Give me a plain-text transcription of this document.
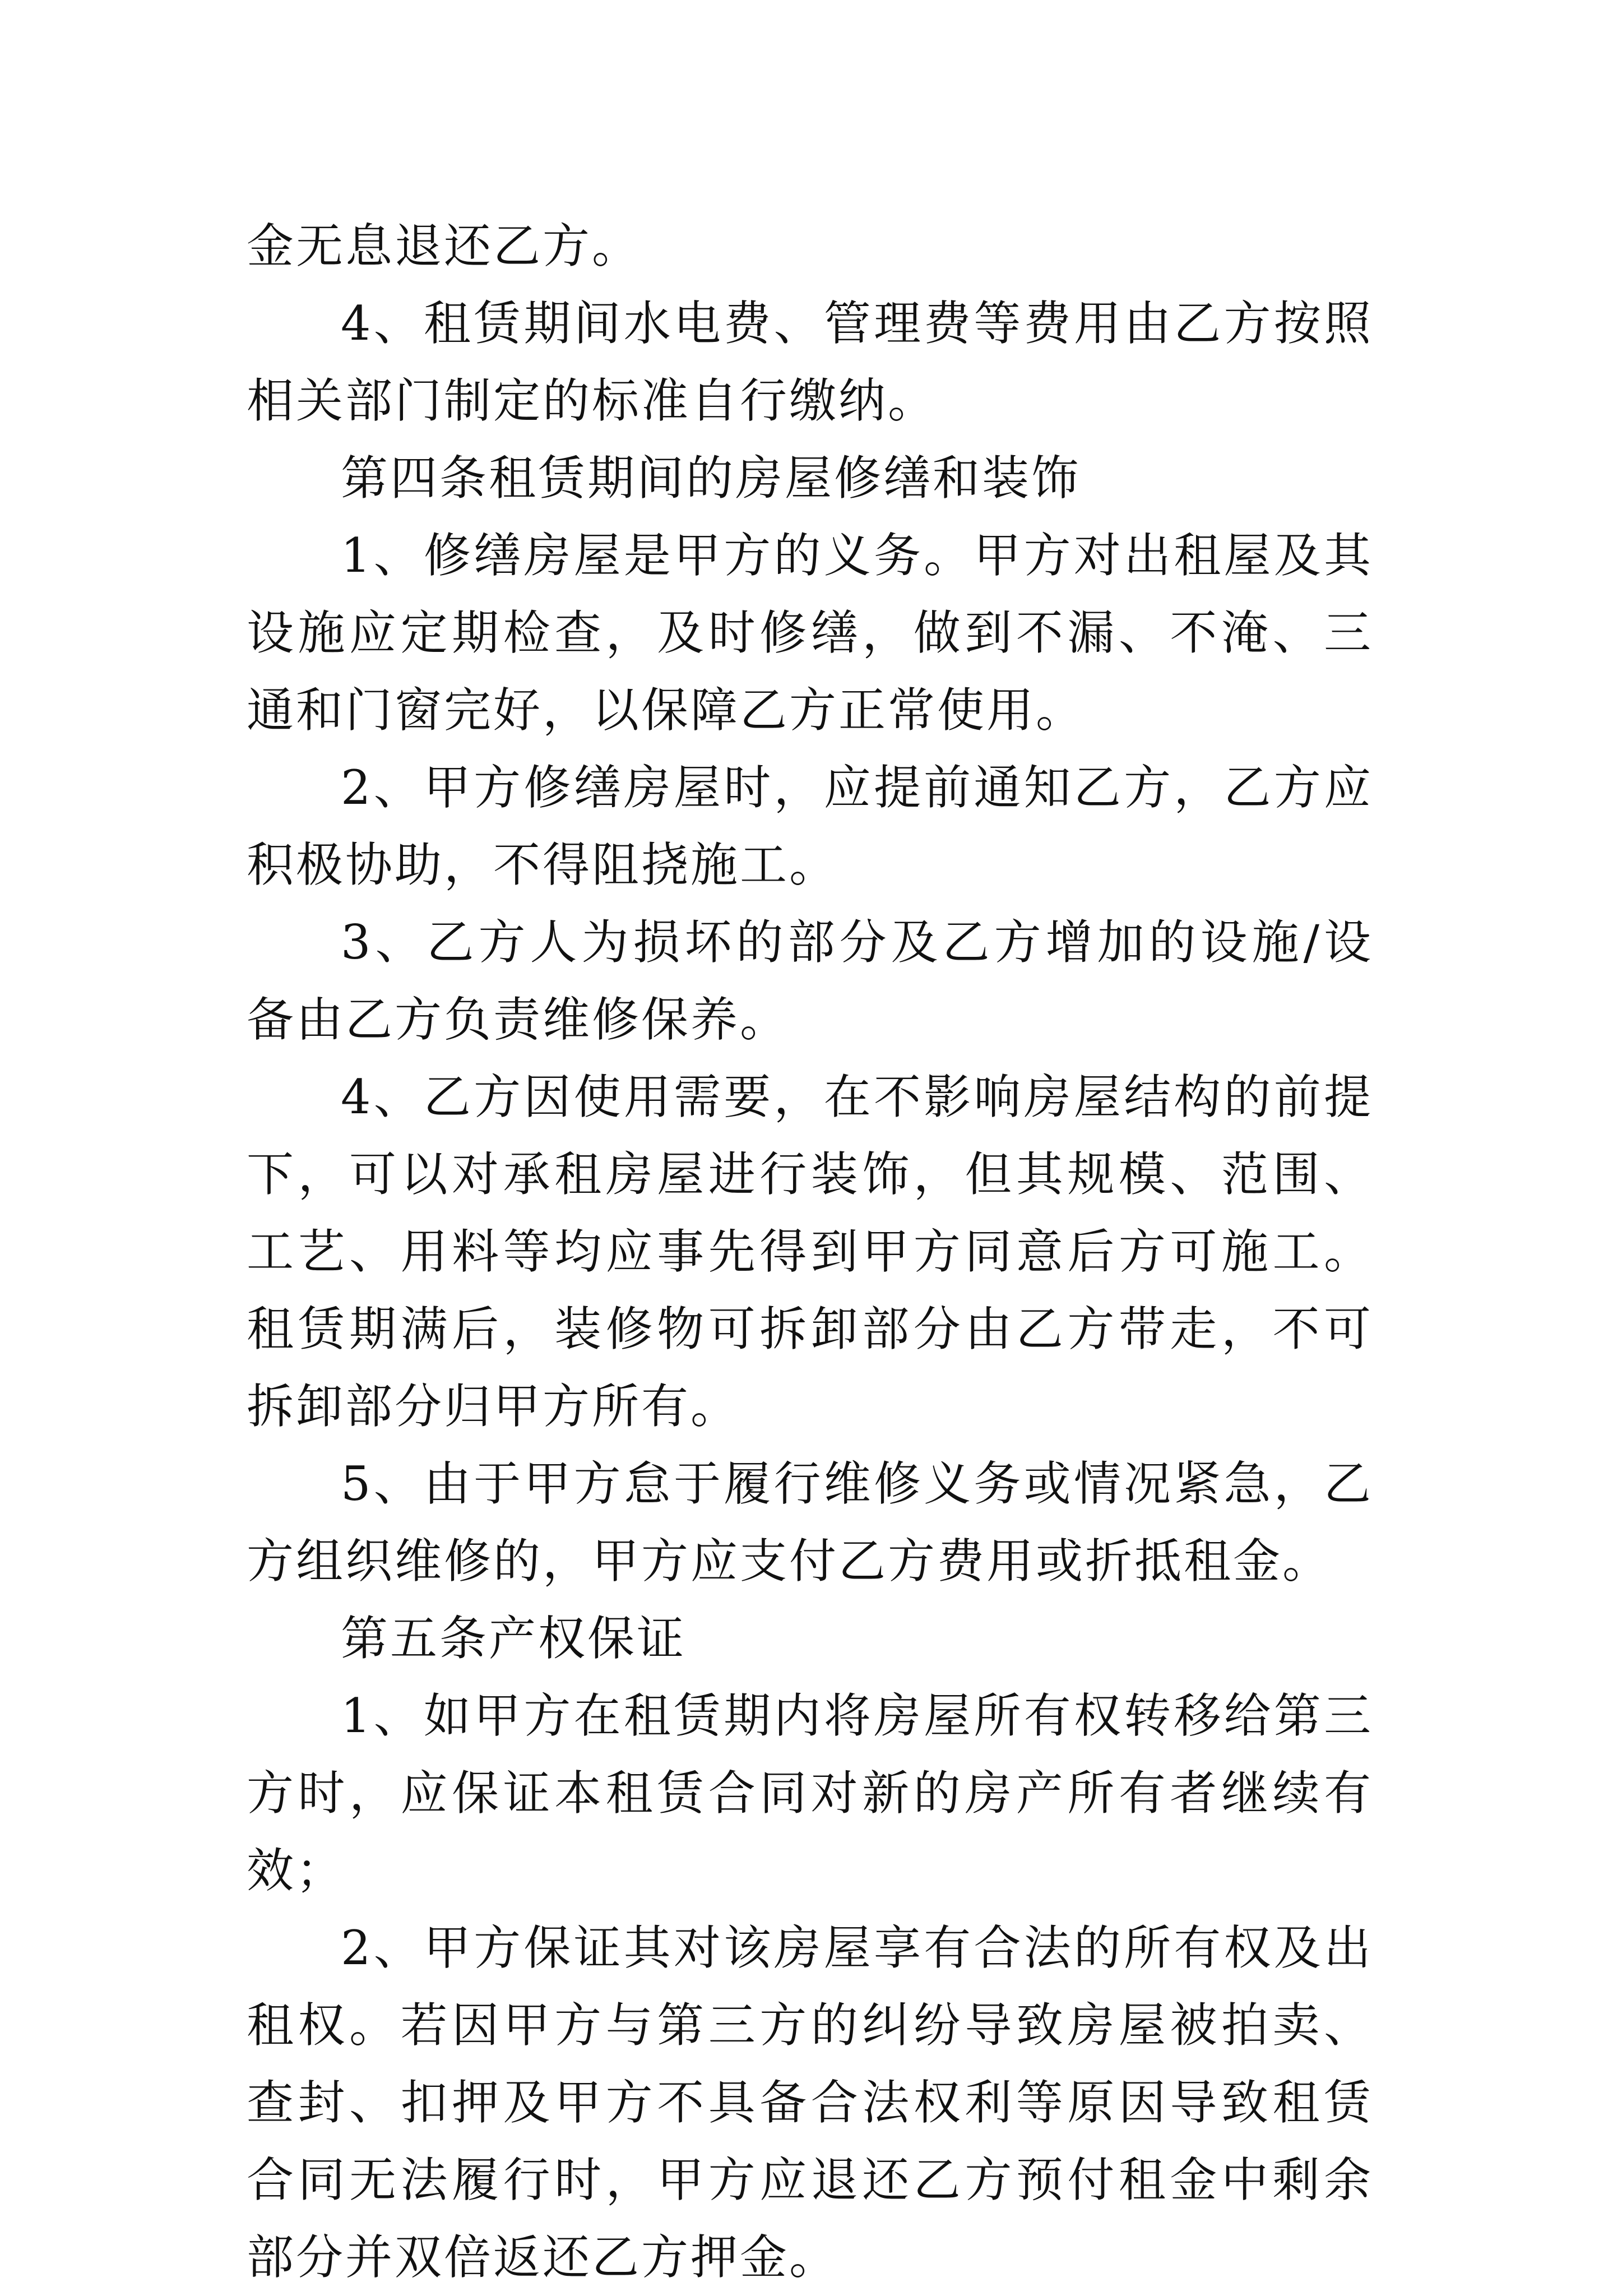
金无息退还乙方。

4、租赁期间水电费、管理费等费用由乙方按照相关部门制定的标准自行缴纳。

第四条租赁期间的房屋修缮和装饰

1、修缮房屋是甲方的义务。甲方对出租屋及其设施应定期检查，及时修缮，做到不漏、不淹、三通和门窗完好，以保障乙方正常使用。

2、甲方修缮房屋时，应提前通知乙方，乙方应积极协助，不得阻挠施工。

3、乙方人为损坏的部分及乙方增加的设施/设备由乙方负责维修保养。

4、乙方因使用需要，在不影响房屋结构的前提下，可以对承租房屋进行装饰，但其规模、范围、工艺、用料等均应事先得到甲方同意后方可施工。租赁期满后，装修物可拆卸部分由乙方带走，不可拆卸部分归甲方所有。

5、由于甲方怠于履行维修义务或情况紧急，乙方组织维修的，甲方应支付乙方费用或折抵租金。

第五条产权保证

1、如甲方在租赁期内将房屋所有权转移给第三方时，应保证本租赁合同对新的房产所有者继续有效；

2、甲方保证其对该房屋享有合法的所有权及出租权。若因甲方与第三方的纠纷导致房屋被拍卖、查封、扣押及甲方不具备合法权利等原因导致租赁合同无法履行时，甲方应退还乙方预付租金中剩余部分并双倍返还乙方押金。
